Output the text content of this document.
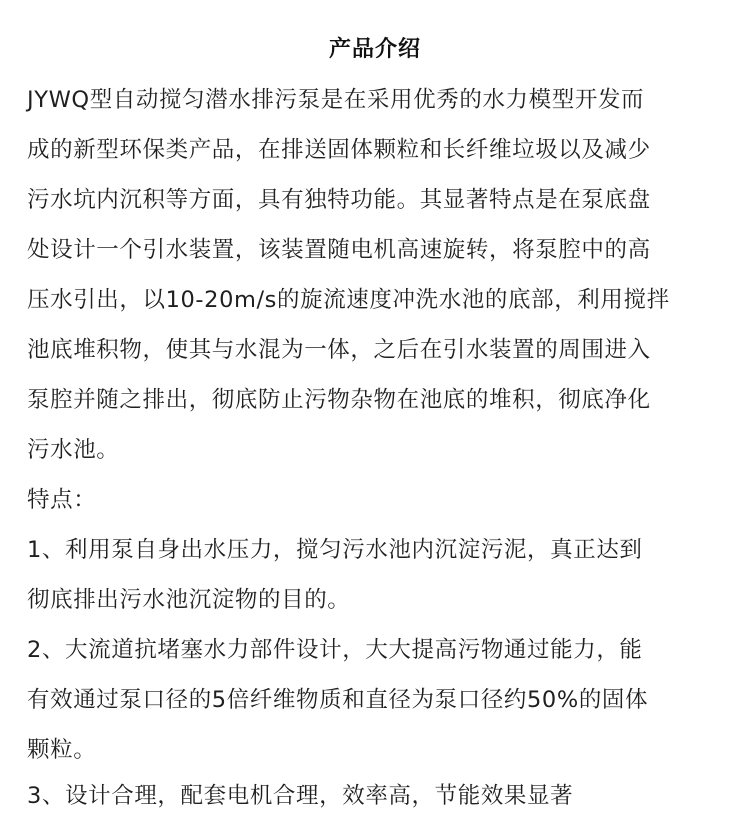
产品介绍
JYWQ型自动搅匀潜水排污泵是在采用优秀的水力模型开发而
成的新型环保类产品，在排送固体颗粒和长纤维垃圾以及减少
污水坑内沉积等方面，具有独特功能。其显著特点是在泵底盘
处设计一个引水装置，该装置随电机高速旋转，将泵腔中的高
压水引出，以10-20m/s的旋流速度冲洗水池的底部，利用搅拌
池底堆积物，使其与水混为一体，之后在引水装置的周围进入
泵腔并随之排出，彻底防止污物杂物在池底的堆积，彻底净化
污水池。
特点：
1、利用泵自身出水压力，搅匀污水池内沉淀污泥，真正达到
彻底排出污水池沉淀物的目的。
2、大流道抗堵塞水力部件设计，大大提高污物通过能力，能
有效通过泵口径的5倍纤维物质和直径为泵口径约50%的固体
颗粒。
3、设计合理，配套电机合理，效率高，节能效果显著
